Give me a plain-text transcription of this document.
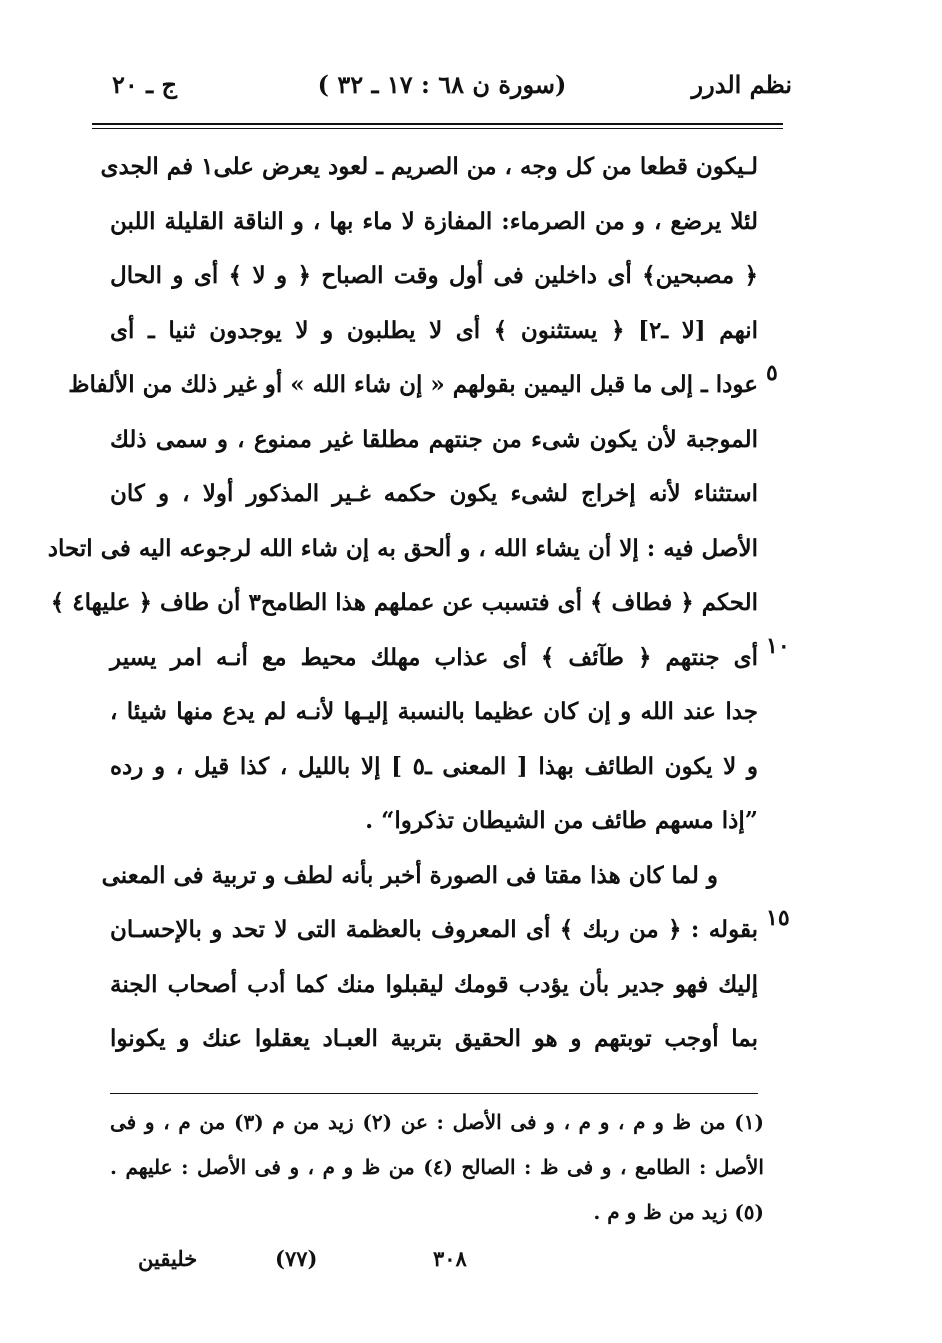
نظم الدرر
(سورة ن ٦٨ : ١٧ ـ ٣٢ )
ج ـ ٢٠
لـيكون قطعا من كل وجه ، من الصريم ـ لعود يعرض على١ فم الجدى
لئلا يرضع ، و من الصرماء: المفازة لا ماء بها ، و الناقة القليلة اللبن
﴿ مصبحين﴾ أى داخلين فى أول وقت الصباح ﴿ و لا ﴾ أى و الحال
انهم [لا ـ٢] ﴿ يستثنون ﴾ أى لا يطلبون و لا يوجدون ثنيا ـ أى
عودا ـ إلى ما قبل اليمين بقولهم « إن شاء الله » أو غير ذلك من الألفاظ
الموجبة لأن يكون شىء من جنتهم مطلقا غير ممنوع ، و سمى ذلك
استثناء لأنه إخراج لشىء يكون حكمه غـير المذكور أولا ، و كان
الأصل فيه : إلا أن يشاء الله ، و ألحق به إن شاء الله لرجوعه اليه فى اتحاد
الحكم ﴿ فطاف ﴾ أى فتسبب عن عملهم هذا الطامح٣ أن طاف ﴿ عليها٤ ﴾
أى جنتهم ﴿ طآئف ﴾ أى عذاب مهلك محيط مع أنـه امر يسير
جدا عند الله و إن كان عظيما بالنسبة إليـها لأنـه لم يدع منها شيئا ،
و لا يكون الطائف بهذا [ المعنى ـ٥ ] إلا بالليل ، كذا قيل ، و رده
”إذا مسهم طائف من الشيطان تذكروا“ .
و لما كان هذا مقتا فى الصورة أخبر بأنه لطف و تربية فى المعنى
بقوله : ﴿ من ربك ﴾ أى المعروف بالعظمة التى لا تحد و بالإحسـان
إليك فهو جدير بأن يؤدب قومك ليقبلوا منك كما أدب أصحاب الجنة
بما أوجب توبتهم و هو الحقيق بتربية العبـاد يعقلوا عنك و يكونوا
٥
١٠
١٥
(١) من ظ و م ، و م ، و فى الأصل : عن (٢) زيد من م (٣) من م ، و فى
الأصل : الطامع ، و فى ظ : الصالح (٤) من ظ و م ، و فى الأصل : عليهم .
(٥) زيد من ظ و م .
خليقين	(٧٧)	٣٠٨
